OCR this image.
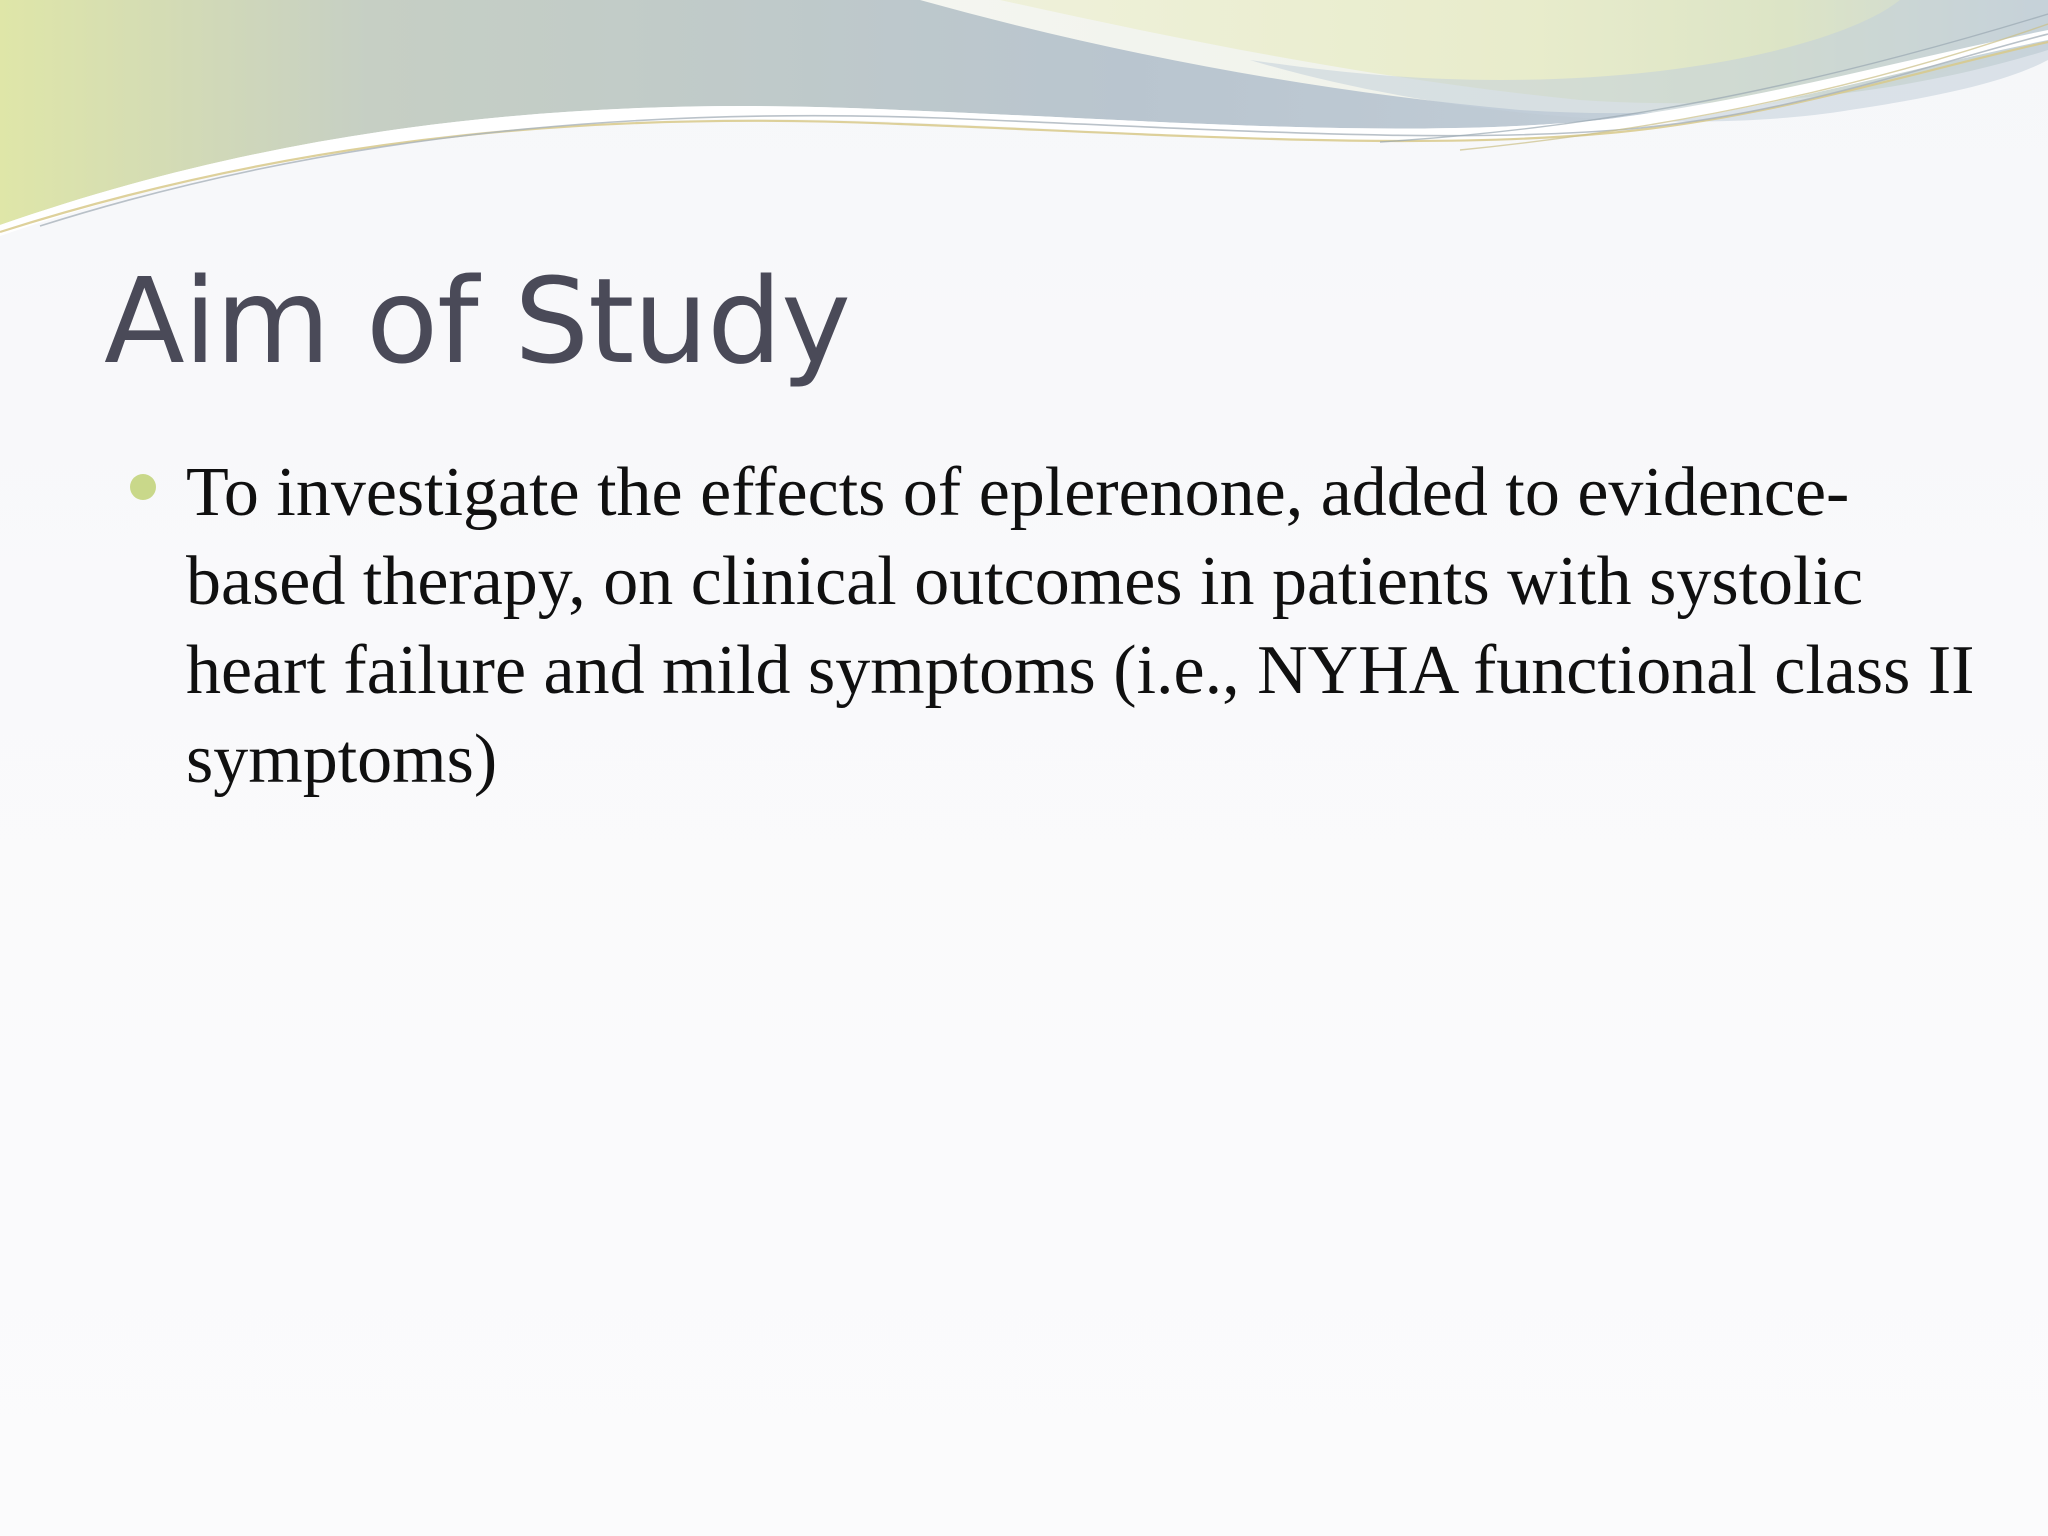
Aim of Study
To investigate the effects of eplerenone, added to evidence-based therapy, on clinical outcomes in patients with systolic heart failure and mild symptoms (i.e., NYHA functional class II symptoms)
